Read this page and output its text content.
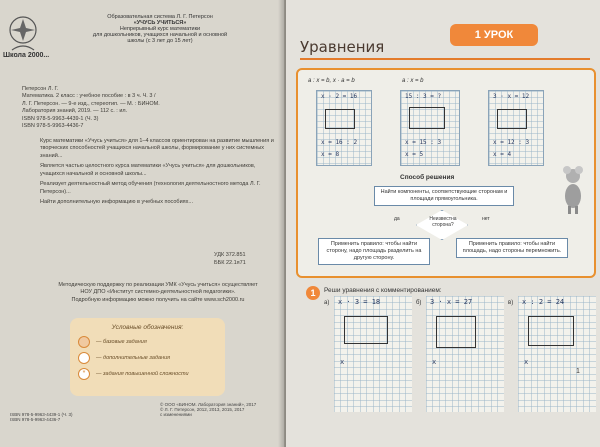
Школа 2000...
Образовательная система Л. Г. Петерсон
«УЧУСЬ УЧИТЬСЯ»
Непрерывный курс математики
для дошкольников, учащихся начальной и основной
школы (с 3 лет до 15 лет)
Петерсон Л. Г.
Математика. 2 класс : учебное пособие : в 3 ч. Ч. 3 /
Л. Г. Петерсон. — 9-е изд., стереотип. — М. : БИНОМ.
Лаборатория знаний, 2019. — 112 с. : ил.
ISBN 978-5-9963-4439-1 (Ч. 3)
ISBN 978-5-9963-4436-7

Курс математики «Учусь учиться» для 1–4 классов ориентирован на развитие мышления и творческих способностей учащихся начальной школы, формирование у них системных знаний...

Является частью целостного курса математики «Учусь учиться» для дошкольников, учащихся начальной и основной школы...

Реализует деятельностный метод обучения (технология деятельностного метода Л. Г. Петерсон)...

Найти дополнительную информацию в учебных пособиях...

УДК 372.851
ББК 22.1я71
Методическую поддержку по реализации УМК «Учусь учиться» осуществляет
НОУ ДПО «Институт системно-деятельностной педагогики».
Подробную информацию можно получить на сайте www.sch2000.ru
Условные обозначения:
— базовые задания
— дополнительные задания
*	— задания повышенной сложности
ISBN 978-5-9963-4439-1 (Ч. 3)
ISBN 978-5-9963-4436-7
© ООО «БИНОМ. Лаборатория знаний», 2017
© Л. Г. Петерсон, 2012, 2013, 2015, 2017
с изменениями
Уравнения
1 УРОК
a : x = b, x · a = b
x · 2 = 16
x = 16 : 2
x = 8
a : x = b
15 : 3 = ?
x = 15 : 3
x = 5
3 · x = 12
x = 12 : 3
x = 4
Способ решения
Найти компоненты, соответствующие сторонам и площади прямоугольника.
Неизвестна сторона?
да	нет
Применить правило: чтобы найти сторону, надо площадь разделить на другую сторону.
Применить правило: чтобы найти площадь, надо стороны перемножить.
1	Реши уравнения с комментированием:
а) x · 3 = 18
x
б) 3 · x = 27
x
в) x : 2 = 24
x
1
